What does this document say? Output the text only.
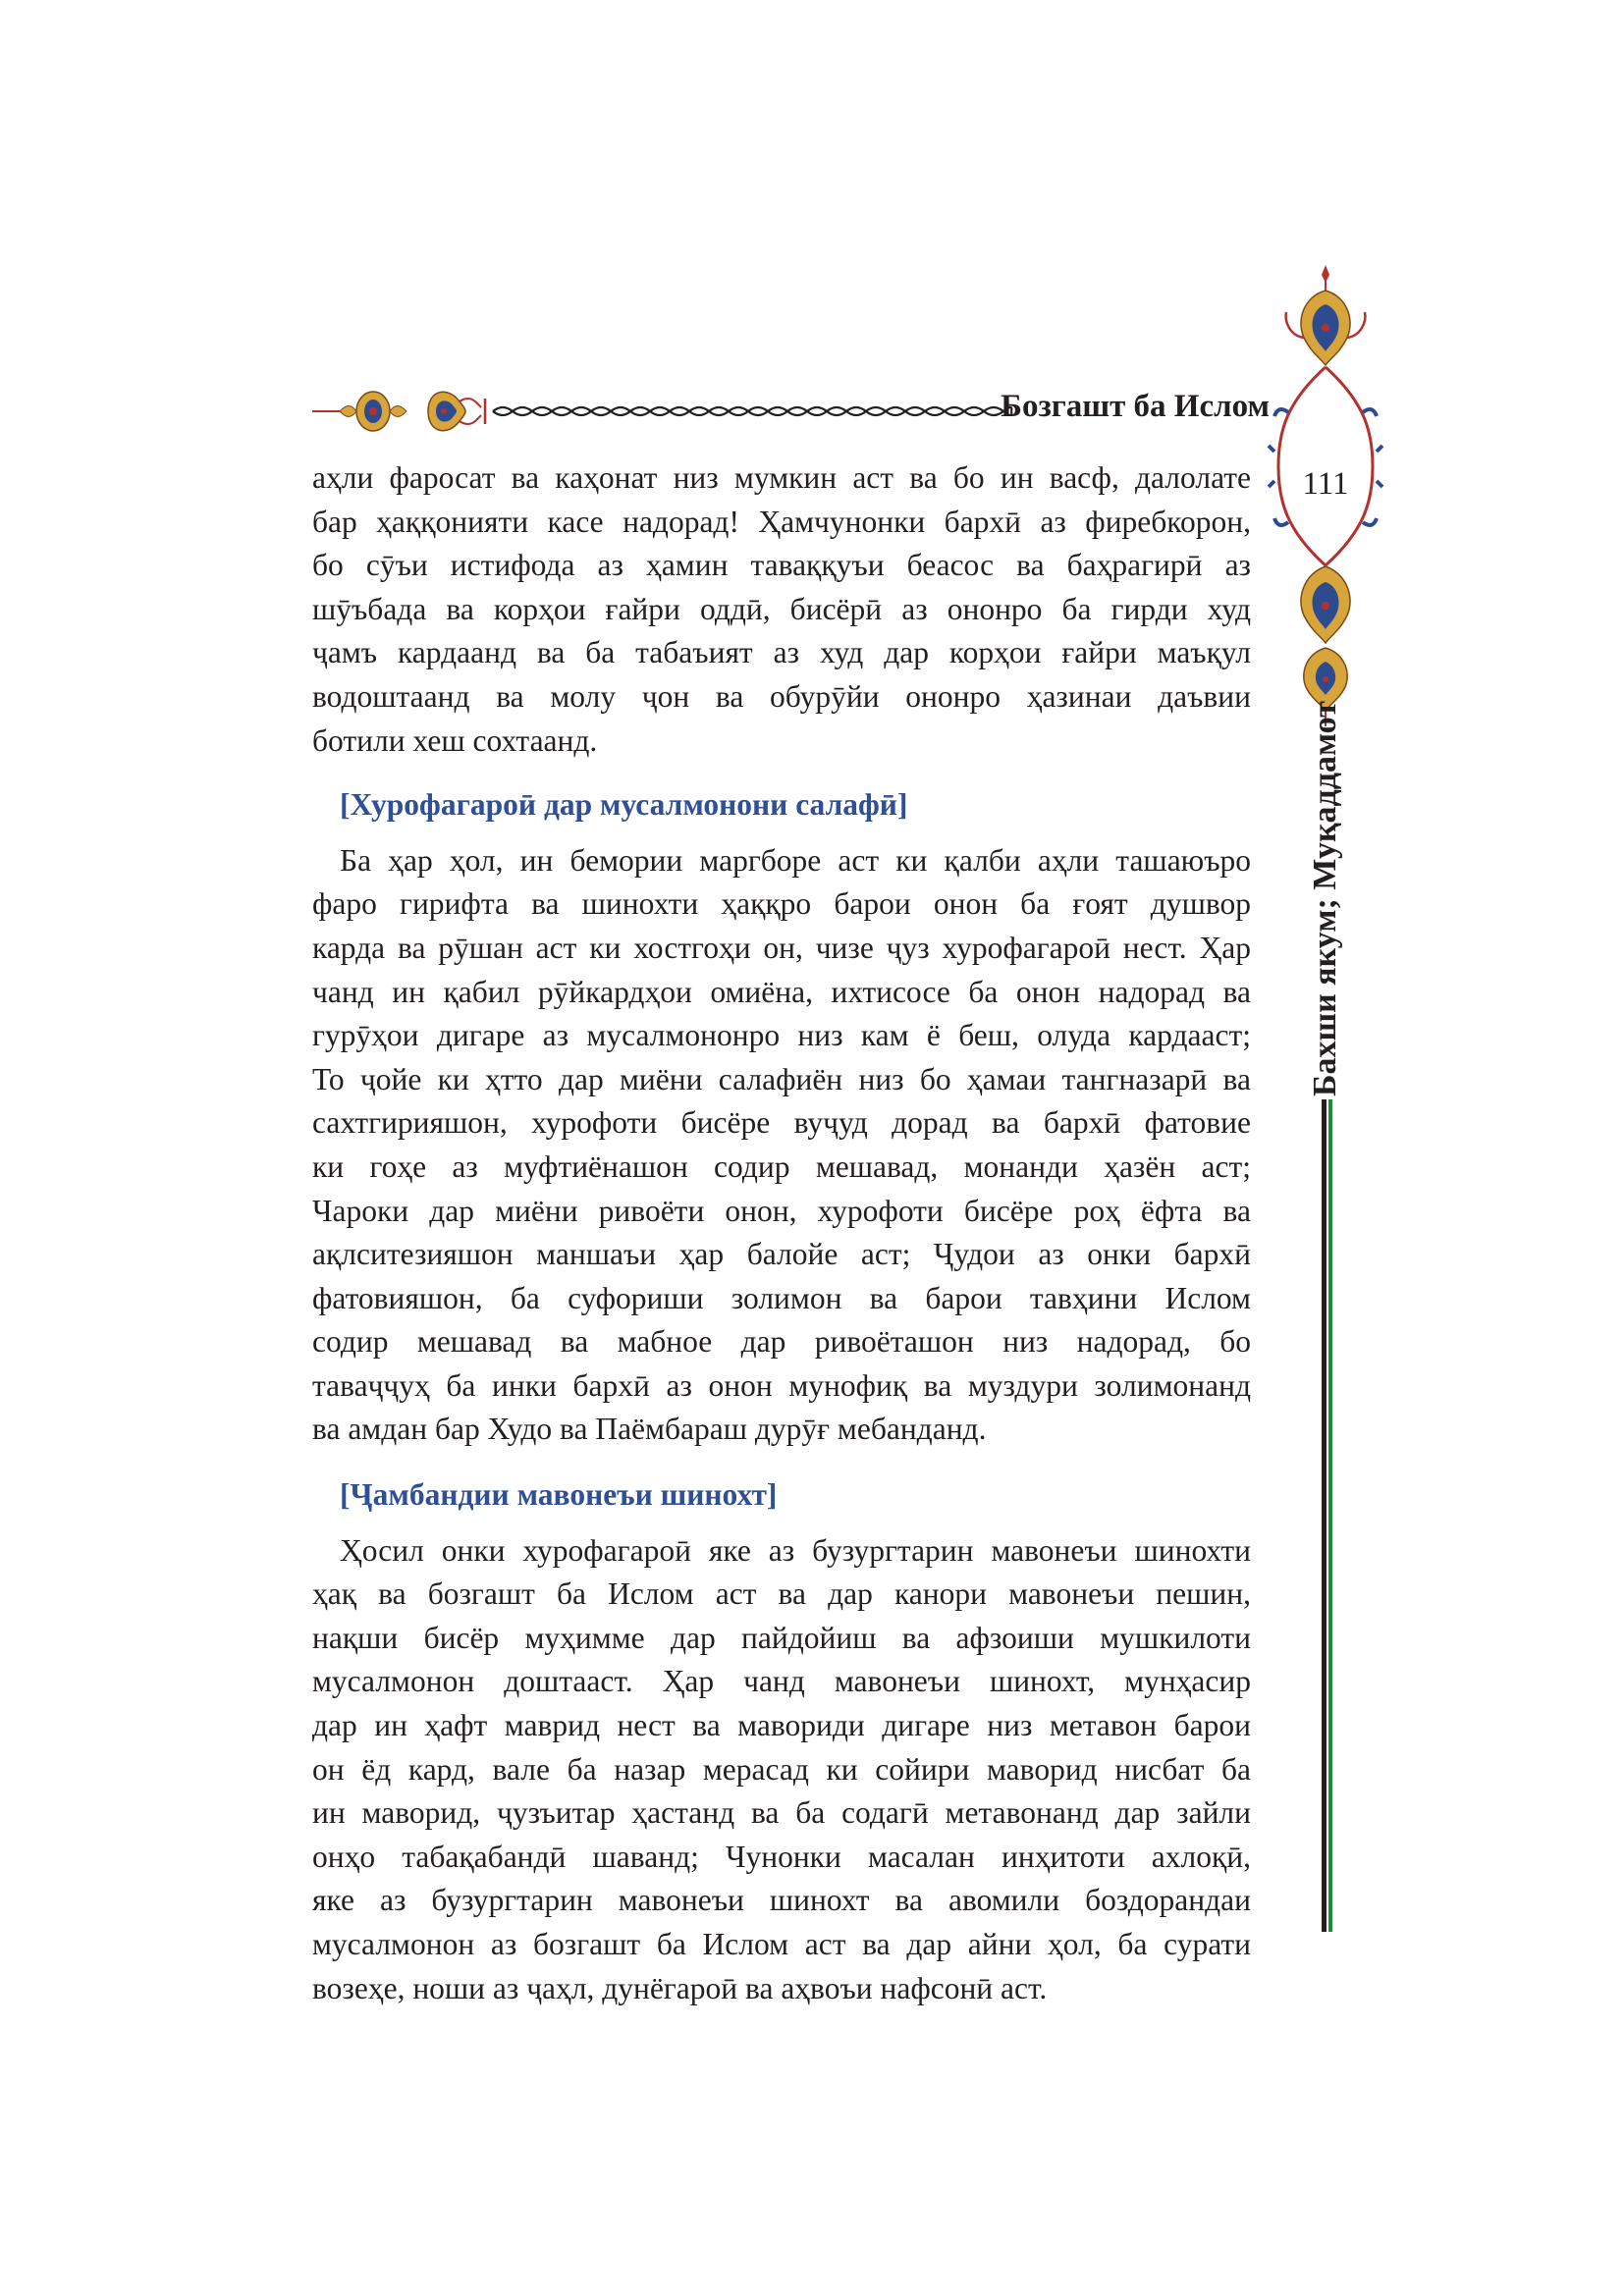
Бозгашт ба Ислом
111
Бахши якум; Муқаддамот

аҳли фаросат ва каҳонат низ мумкин аст ва бо ин васф, далолате
бар ҳаққонияти касе надорад! Ҳамчунонки бархӣ аз фиребкорон,
бо сӯъи истифода аз ҳамин таваққуъи беасос ва баҳрагирӣ аз
шӯъбада ва корҳои ғайри оддӣ, бисёрӣ аз ононро ба гирди худ
ҷамъ кардаанд ва ба табаъият аз худ дар корҳои ғайри маъқул
водоштаанд ва молу ҷон ва обурӯйи ононро ҳазинаи даъвии
ботили хеш сохтаанд.

[Хурофагароӣ дар мусалмонони салафӣ]

Ба ҳар ҳол, ин бемории маргборе аст ки қалби аҳли ташаюъро
фаро гирифта ва шинохти ҳаққро барои онон ба ғоят душвор
карда ва рӯшан аст ки хостгоҳи он, чизе ҷуз хурофагароӣ нест. Ҳар
чанд ин қабил рӯйкардҳои омиёна, ихтисосе ба онон надорад ва
гурӯҳои дигаре аз мусалмононро низ кам ё беш, олуда кардааст;
То ҷойе ки ҳтто дар миёни салафиён низ бо ҳамаи тангназарӣ ва
сахтгирияшон, хурофоти бисёре вуҷуд дорад ва бархӣ фатовие
ки гоҳе аз муфтиёнашон содир мешавад, монанди ҳазён аст;
Чароки дар миёни ривоёти онон, хурофоти бисёре роҳ ёфта ва
ақлситезияшон маншаъи ҳар балойе аст; Ҷудои аз онки бархӣ
фатовияшон, ба суфориши золимон ва барои тавҳини Ислом
содир мешавад ва мабное дар ривоёташон низ надорад, бо
таваҷҷуҳ ба инки бархӣ аз онон мунофиқ ва муздури золимонанд
ва амдан бар Худо ва Паёмбараш дурӯғ мебанданд.

[Ҷамбандии мавонеъи шинохт]

Ҳосил онки хурофагароӣ яке аз бузургтарин мавонеъи шинохти
ҳақ ва бозгашт ба Ислом аст ва дар канори мавонеъи пешин,
нақши бисёр муҳимме дар пайдойиш ва афзоиши мушкилоти
мусалмонон доштааст. Ҳар чанд мавонеъи шинохт, мунҳасир
дар ин ҳафт маврид нест ва мавориди дигаре низ метавон барои
он ёд кард, вале ба назар мерасад ки сойири маворид нисбат ба
ин маворид, ҷузъитар ҳастанд ва ба содагӣ метавонанд дар зайли
онҳо табақабандӣ шаванд; Чунонки масалан инҳитоти ахлоқӣ,
яке аз бузургтарин мавонеъи шинохт ва авомили боздорандаи
мусалмонон аз бозгашт ба Ислом аст ва дар айни ҳол, ба сурати
возеҳе, ноши аз ҷаҳл, дунёгароӣ ва аҳвоъи нафсонӣ аст.
